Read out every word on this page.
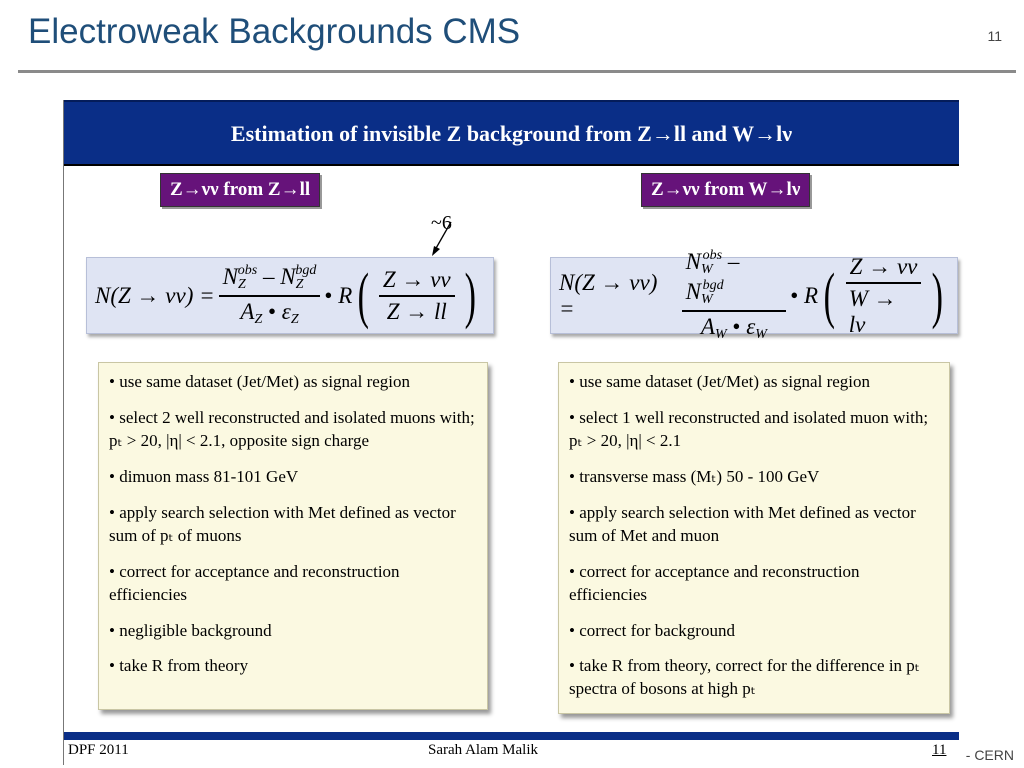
Electroweak Backgrounds CMS	11
Estimation of invisible Z background from Z→ll and W→lν
Z→νν from Z→ll	Z→νν from W→lν
~6
$N(Z \to \nu\nu) = \frac{N_Z^{obs} - N_Z^{bgd}}{A_Z • \varepsilon_Z}$ • R ( $\frac{Z \to \nu\nu}{Z \to ll}$ )	N(Z → νν) =	$\frac{N_W^{obs} - N_W^{bgd}}{A_W • \varepsilon_W}$ • R ( $\frac{Z \to \nu\nu}{W \to l\nu}$ )
• use same dataset (Jet/Met) as signal region
• select 2 well reconstructed and isolated muons with; pₜ > 20, |η| < 2.1, opposite sign charge
• dimuon mass 81-101 GeV
• apply search selection with Met defined as vector sum of pₜ of muons
• correct for acceptance and reconstruction efficiencies
• negligible background
• take R from theory
• use same dataset (Jet/Met) as signal region
• select 1 well reconstructed and isolated muon with; pₜ > 20, |η| < 2.1
• transverse mass (Mₜ) 50 - 100 GeV
• apply search selection with Met defined as vector sum of Met and muon
• correct for acceptance and reconstruction efficiencies
• correct for background
• take R from theory, correct for the difference in pₜ spectra of bosons at high pₜ
DPF 2011	Sarah Alam Malik	11 - CERN
